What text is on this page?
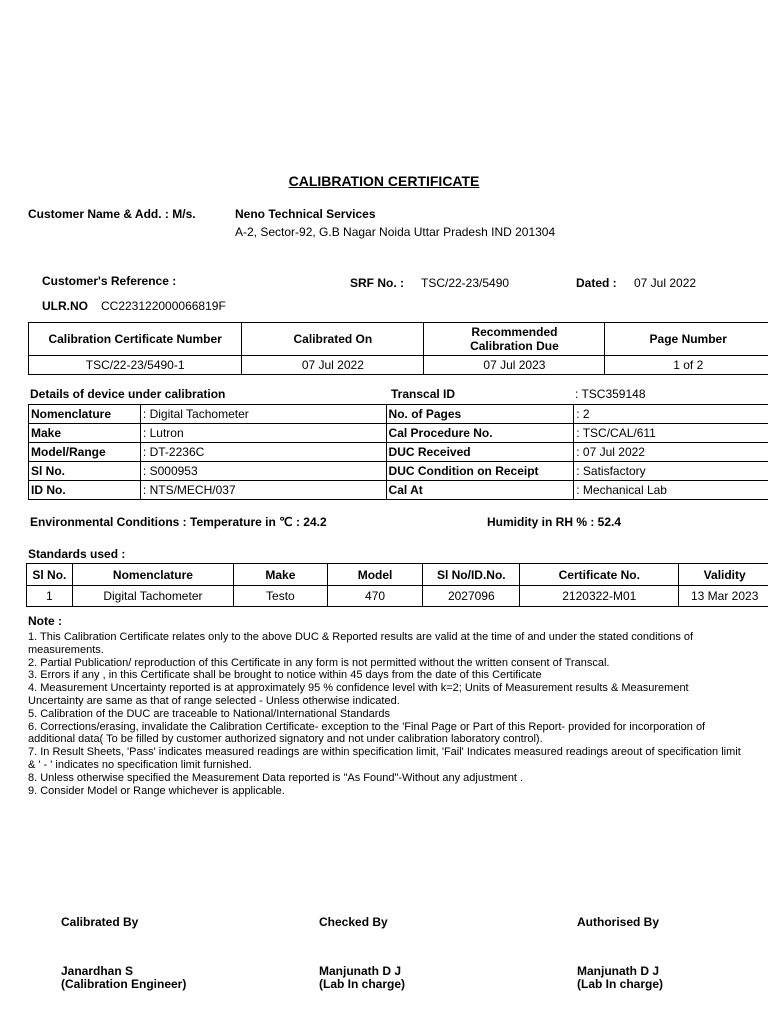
CALIBRATION CERTIFICATE
Customer Name & Add. : M/s.	Neno Technical Services
A-2, Sector-92, G.B Nagar Noida Uttar Pradesh IND 201304
Customer's Reference :	SRF No. : TSC/22-23/5490	Dated : 07 Jul 2022
ULR.NO CC223122000066819F
Calibration Certificate Number	Calibrated On	Recommended Calibration Due	Page Number
TSC/22-23/5490-1	07 Jul 2022	07 Jul 2023	1 of 2
Details of device under calibration	Transcal ID	: TSC359148
Nomenclature	: Digital Tachometer	No. of Pages	: 2
Make	: Lutron	Cal Procedure No.	: TSC/CAL/611
Model/Range	: DT-2236C	DUC Received	: 07 Jul 2022
Sl No.	: S000953	DUC Condition on Receipt	: Satisfactory
ID No.	: NTS/MECH/037	Cal At	: Mechanical Lab
Environmental Conditions : Temperature in ℃ : 24.2	Humidity in RH % : 52.4
Standards used :
Sl No.	Nomenclature	Make	Model	Sl No/ID.No.	Certificate No.	Validity
1	Digital Tachometer	Testo	470	2027096	2120322-M01	13 Mar 2023
Note :

1. This Calibration Certificate relates only to the above DUC & Reported results are valid at the time of and under the stated conditions of measurements.

2. Partial Publication/ reproduction of this Certificate in any form is not permitted without the written consent of Transcal.

3. Errors if any , in this Certificate shall be brought to notice within 45 days from the date of this Certificate

4. Measurement Uncertainty reported is at approximately 95 % confidence level with k=2; Units of Measurement results & Measurement Uncertainty are same as that of range selected - Unless otherwise indicated.

5. Calibration of the DUC are traceable to National/International Standards

6. Corrections/erasing, invalidate the Calibration Certificate- exception to the 'Final Page or Part of this Report- provided for incorporation of additional data( To be filled by customer authorized signatory and not under calibration laboratory control).

7. In Result Sheets, 'Pass' indicates measured readings are within specification limit, 'Fail' Indicates measured readings areout of specification limit & ' - ' indicates no specification limit furnished.

8. Unless otherwise specified the Measurement Data reported is "As Found"-Without any adjustment .

9. Consider Model or Range whichever is applicable.

Calibrated By	Checked By	Authorised By
Janardhan S
(Calibration Engineer)
Manjunath D J
(Lab In charge)
Manjunath D J
(Lab In charge)
